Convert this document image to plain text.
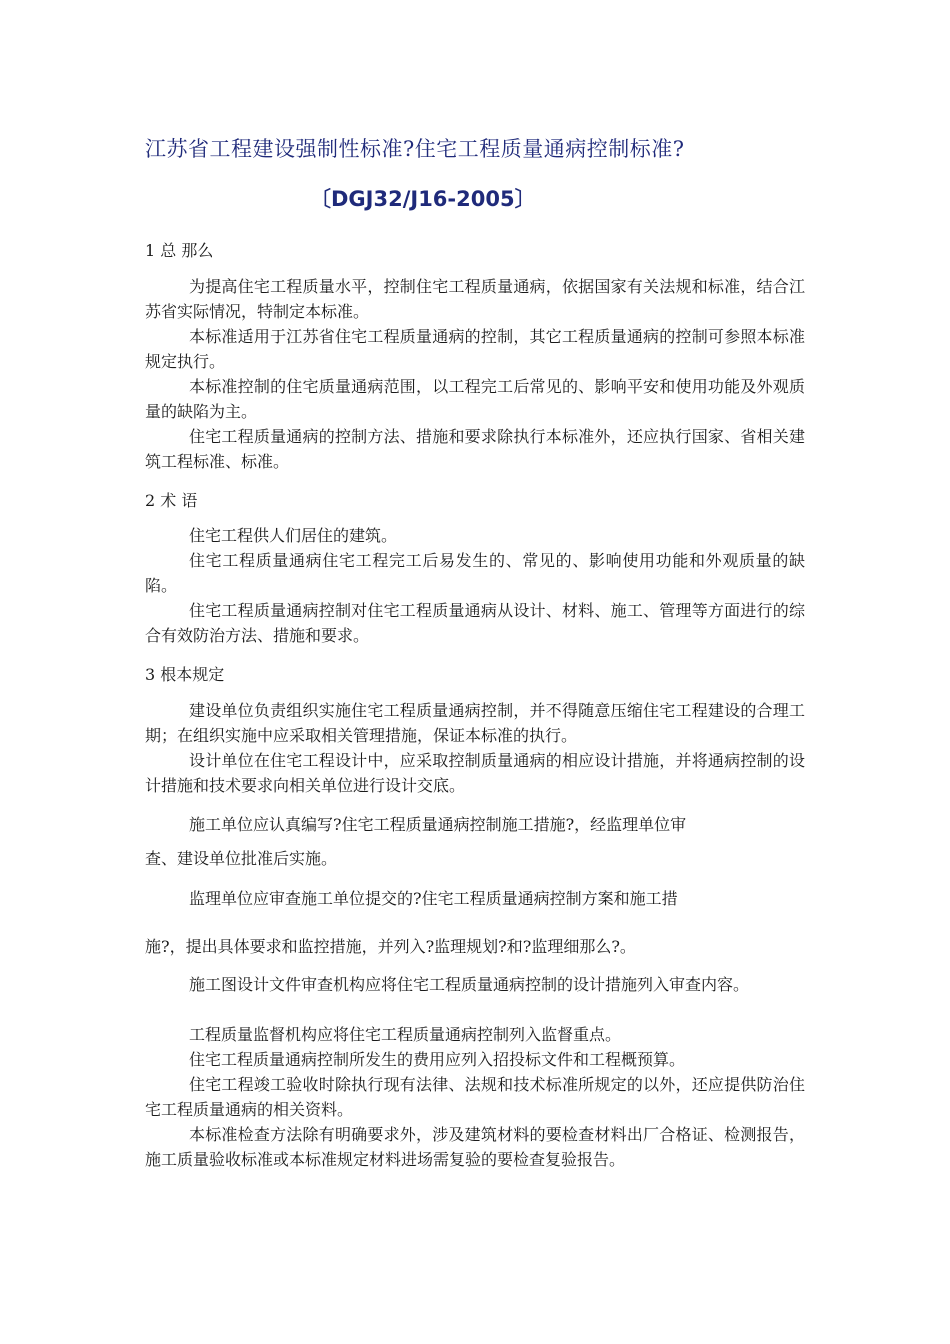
江苏省工程建设强制性标准?住宅工程质量通病控制标准?
〔DGJ32/J16-2005〕
1 总 那么

为提高住宅工程质量水平，控制住宅工程质量通病，依据国家有关法规和标准，结合江苏省实际情况，特制定本标准。

本标准适用于江苏省住宅工程质量通病的控制，其它工程质量通病的控制可参照本标准规定执行。

本标准控制的住宅质量通病范围，以工程完工后常见的、影响平安和使用功能及外观质量的缺陷为主。

住宅工程质量通病的控制方法、措施和要求除执行本标准外，还应执行国家、省相关建筑工程标准、标准。

2 术 语

住宅工程供人们居住的建筑。

住宅工程质量通病住宅工程完工后易发生的、常见的、影响使用功能和外观质量的缺陷。

住宅工程质量通病控制对住宅工程质量通病从设计、材料、施工、管理等方面进行的综合有效防治方法、措施和要求。

3 根本规定

建设单位负责组织实施住宅工程质量通病控制，并不得随意压缩住宅工程建设的合理工期；在组织实施中应采取相关管理措施，保证本标准的执行。

设计单位在住宅工程设计中，应采取控制质量通病的相应设计措施，并将通病控制的设计措施和技术要求向相关单位进行设计交底。

施工单位应认真编写?住宅工程质量通病控制施工措施?，经监理单位审

查、建设单位批准后实施。

监理单位应审查施工单位提交的?住宅工程质量通病控制方案和施工措

施?，提出具体要求和监控措施，并列入?监理规划?和?监理细那么?。

施工图设计文件审查机构应将住宅工程质量通病控制的设计措施列入审查内容。

工程质量监督机构应将住宅工程质量通病控制列入监督重点。

住宅工程质量通病控制所发生的费用应列入招投标文件和工程概预算。

住宅工程竣工验收时除执行现有法律、法规和技术标准所规定的以外，还应提供防治住宅工程质量通病的相关资料。

本标准检查方法除有明确要求外，涉及建筑材料的要检查材料出厂合格证、检测报告，施工质量验收标准或本标准规定材料进场需复验的要检查复验报告。
